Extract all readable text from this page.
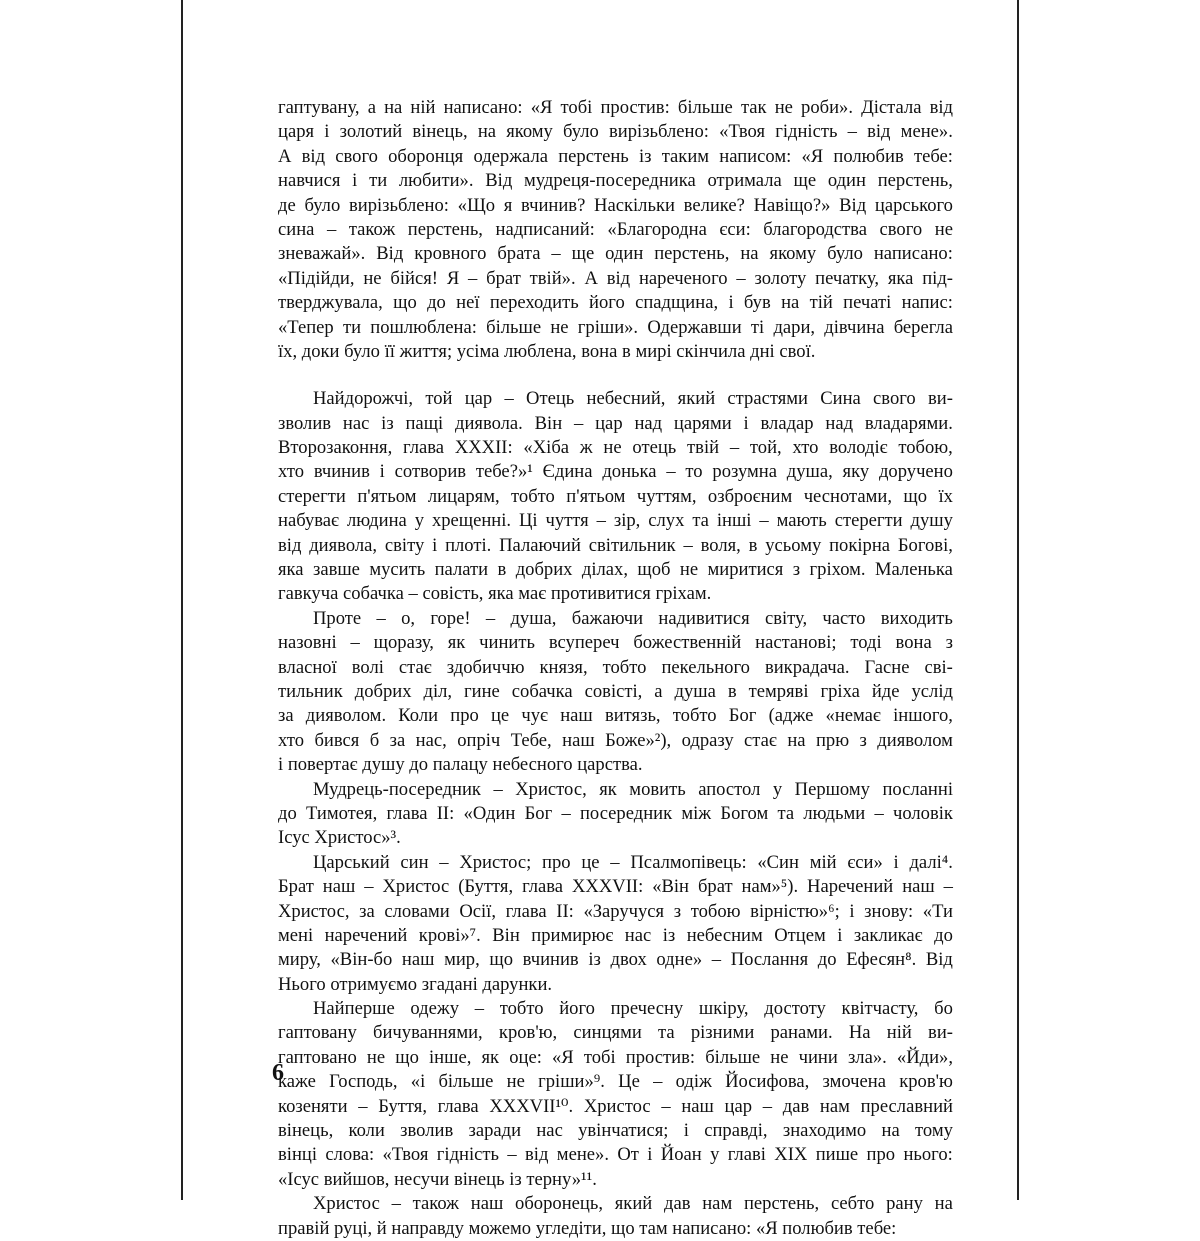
гаптувану, а на ній написано: «Я тобі простив: більше так не роби». Дістала від
царя і золотий вінець, на якому було вирізьблено: «Твоя гідність – від мене».
А від свого оборонця одержала перстень із таким написом: «Я полюбив тебе:
навчися і ти любити». Від мудреця-посередника отримала ще один перстень,
де було вирізьблено: «Що я вчинив? Наскільки велике? Навіщо?» Від царського
сина – також перстень, надписаний: «Благородна єси: благородства свого не
зневажай». Від кровного брата – ще один перстень, на якому було написано:
«Підійди, не бійся! Я – брат твій». А від нареченого – золоту печатку, яка під-
тверджувала, що до неї переходить його спадщина, і був на тій печаті напис:
«Тепер ти пошлюблена: більше не гріши». Одержавши ті дари, дівчина берегла
їх, доки було її життя; усіма люблена, вона в мирі скінчила дні свої.
Найдорожчі, той цар – Отець небесний, який страстями Сина свого ви-
зволив нас із пащі диявола. Він – цар над царями і владар над владарями.
Второзаконня, глава XXXII: «Хіба ж не отець твій – той, хто володіє тобою,
хто вчинив і сотворив тебе?»¹ Єдина донька – то розумна душа, яку доручено
стерегти п'ятьом лицарям, тобто п'ятьом чуттям, озброєним чеснотами, що їх
набуває людина у хрещенні. Ці чуття – зір, слух та інші – мають стерегти душу
від диявола, світу і плоті. Палаючий світильник – воля, в усьому покірна Богові,
яка завше мусить палати в добрих ділах, щоб не миритися з гріхом. Маленька
гавкуча собачка – совість, яка має противитися гріхам.
Проте – о, горе! – душа, бажаючи надивитися світу, часто виходить
назовні – щоразу, як чинить всупереч божественній настанові; тоді вона з
власної волі стає здобиччю князя, тобто пекельного викрадача. Гасне сві-
тильник добрих діл, гине собачка совісті, а душа в темряві гріха йде услід
за дияволом. Коли про це чує наш витязь, тобто Бог (адже «немає іншого,
хто бився б за нас, опріч Тебе, наш Боже»²), одразу стає на прю з дияволом
і повертає душу до палацу небесного царства.
Мудрець-посередник – Христос, як мовить апостол у Першому посланні
до Тимотея, глава II: «Один Бог – посередник між Богом та людьми – чоловік
Ісус Христос»³.
Царський син – Христос; про це – Псалмопівець: «Син мій єси» і далі⁴.
Брат наш – Христос (Буття, глава XXXVII: «Він брат нам»⁵). Наречений наш –
Христос, за словами Осії, глава II: «Заручуся з тобою вірністю»⁶; і знову: «Ти
мені наречений крові»⁷. Він примирює нас із небесним Отцем і закликає до
миру, «Він-бо наш мир, що вчинив із двох одне» – Послання до Ефесян⁸. Від
Нього отримуємо згадані дарунки.
Найперше одежу – тобто його пречесну шкіру, достоту квітчасту, бо
гаптовану бичуваннями, кров'ю, синцями та різними ранами. На ній ви-
гаптовано не що інше, як оце: «Я тобі простив: більше не чини зла». «Йди»,
каже Господь, «і більше не гріши»⁹. Це – одіж Йосифова, змочена кров'ю
козеняти – Буття, глава XXXVII¹⁰. Христос – наш цар – дав нам преславний
вінець, коли зволив заради нас увінчатися; і справді, знаходимо на тому
вінці слова: «Твоя гідність – від мене». От і Йоан у главі XIX пише про нього:
«Ісус вийшов, несучи вінець із терну»¹¹.
Христос – також наш оборонець, який дав нам перстень, себто рану на
правій руці, й направду можемо угледіти, що там написано: «Я полюбив тебе:
6
